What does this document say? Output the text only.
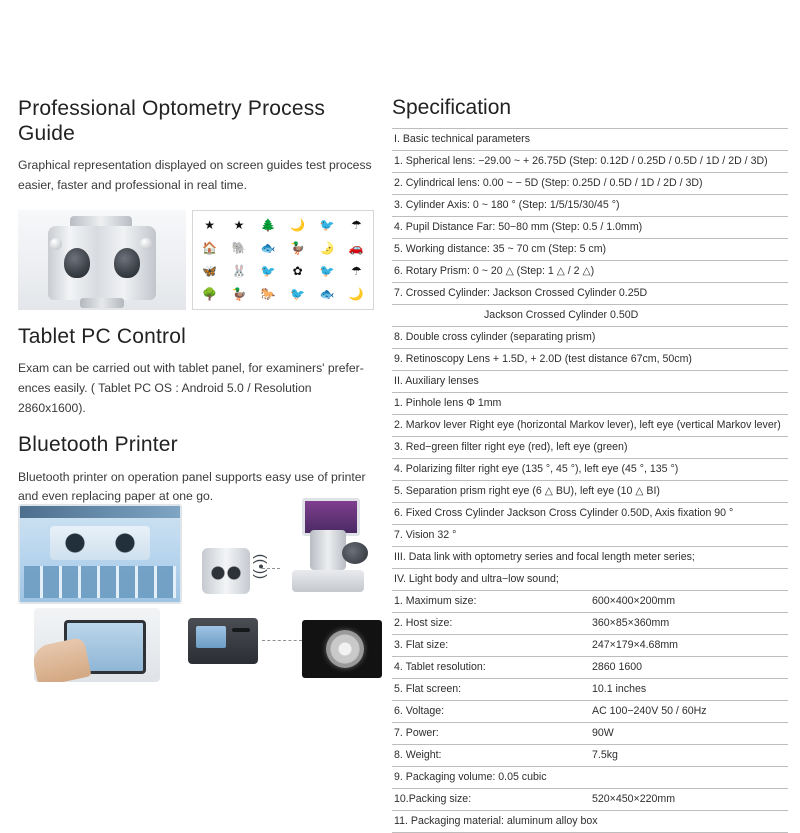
Professional Optometry Process Guide

Graphical representation displayed on screen guides test process easier, faster and professional in real time.

★ ★ 🌲 🌙 🐦 ☂
🏠 🐘 🐟 🦆 🌛 🚗
🦋 🐰 🐦 ✿ 🐦 ☂
🌳 🦆 🐎 🐦 🐟 🌙
Tablet PC Control

Exam can be carried out with tablet panel, for examiners' prefer-ences easily. ( Tablet PC OS : Android 5.0 / Resolution 2860x1600).

Bluetooth Printer

Bluetooth printer on operation panel supports easy use of printer and even replacing paper at one go.

((•))
Specification
I. Basic technical parameters	
1. Spherical lens: −29.00 ~ + 26.75D (Step: 0.12D / 0.25D / 0.5D / 1D / 2D / 3D)	
2. Cylindrical lens: 0.00 ~ − 5D (Step: 0.25D / 0.5D / 1D / 2D / 3D)	
3. Cylinder Axis: 0 ~ 180 ° (Step: 1/5/15/30/45 °)	
4. Pupil Distance Far: 50−80 mm (Step: 0.5 / 1.0mm)	
5. Working distance: 35 ~ 70 cm (Step: 5 cm)	
6. Rotary Prism: 0 ~ 20 △ (Step: 1 △ / 2 △)	
7. Crossed Cylinder: Jackson Crossed Cylinder 0.25D	
Jackson Crossed Cylinder 0.50D	
8. Double cross cylinder (separating prism)	
9. Retinoscopy Lens + 1.5D, + 2.0D (test distance 67cm, 50cm)	
II. Auxiliary lenses	
1. Pinhole lens Φ 1mm	
2. Markov lever Right eye (horizontal Markov lever), left eye (vertical Markov lever)	
3. Red−green filter right eye (red), left eye (green)	
4. Polarizing filter right eye (135 °, 45 °), left eye (45 °, 135 °)	
5. Separation prism right eye (6 △ BU), left eye (10 △ BI)	
6. Fixed Cross Cylinder Jackson Cross Cylinder 0.50D, Axis fixation 90 °	
7. Vision 32 °	
III. Data link with optometry series and focal length meter series;	
IV. Light body and ultra−low sound;	
1. Maximum size:	600×400×200mm
2. Host size:	360×85×360mm
3. Flat size:	247×179×4.68mm
4. Tablet resolution:	2860 1600
5. Flat screen:	10.1 inches
6. Voltage:	AC 100−240V 50 / 60Hz
7. Power:	90W
8. Weight:	7.5kg
9. Packaging volume: 0.05 cubic	
10.Packing size:	520×450×220mm
11. Packaging material: aluminum alloy box	
